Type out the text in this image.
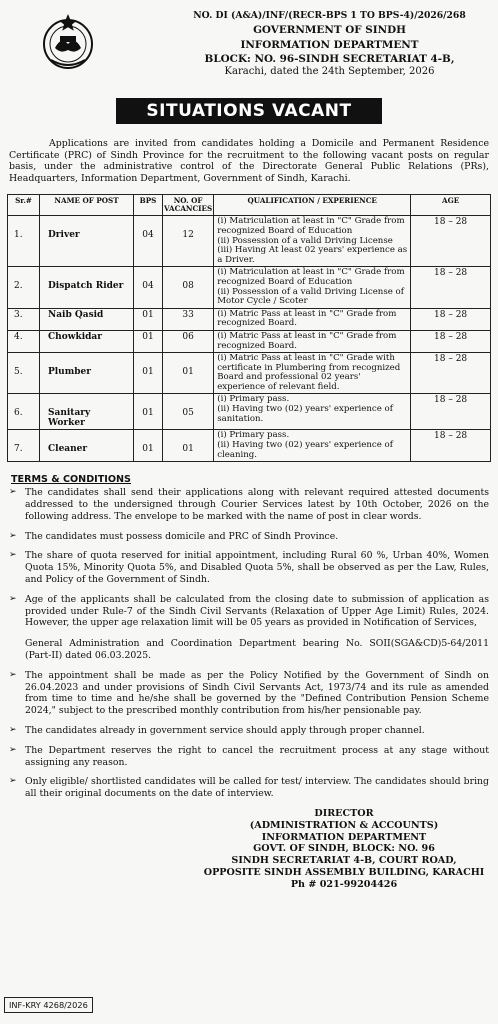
NO. DI (A&A)/INF/(RECR-BPS 1 TO BPS-4)/2026/268
GOVERNMENT OF SINDH
INFORMATION DEPARTMENT
BLOCK: NO. 96-SINDH SECRETARIAT 4-B,
Karachi, dated the 24th September, 2026
SITUATIONS VACANT

Applications are invited from candidates holding a Domicile and Permanent Residence Certificate (PRC) of Sindh Province for the recruitment to the following vacant posts on regular basis, under the administrative control of the Directorate General Public Relations (PRs), Headquarters, Information Department, Government of Sindh, Karachi.

Sr.#	NAME OF POST	BPS	NO. OF VACANCIES	QUALIFICATION / EXPERIENCE	AGE
1.	Driver	04	12	(i) Matriculation at least in "C" Grade from recognized Board of Education
(ii) Possession of a valid Driving License
(iii) Having At least 02 years' experience as a Driver.	18 – 28
2.	Dispatch Rider	04	08	(i) Matriculation at least in "C" Grade from recognized Board of Education
(ii) Possession of a valid Driving License of Motor Cycle / Scoter	18 – 28
3.	Naib Qasid	01	33	(i) Matric Pass at least in "C" Grade from recognized Board.	18 – 28
4.	Chowkidar	01	06	(i) Matric Pass at least in "C" Grade from recognized Board.	18 – 28
5.	Plumber	01	01	(i) Matric Pass at least in "C" Grade with certificate in Plumbering from recognized Board and professional 02 years' experience of relevant field.	18 – 28
6.	Sanitary Worker	01	05	(i) Primary pass.
(ii) Having two (02) years' experience of sanitation.	18 – 28
7.	Cleaner	01	01	(i) Primary pass.
(ii) Having two (02) years' experience of cleaning.	18 – 28
TERMS & CONDITIONS
➢ The candidates shall send their applications along with relevant required attested documents addressed to the undersigned through Courier Services latest by 10th October, 2026 on the following address. The envelope to be marked with the name of post in clear words.
➢ The candidates must possess domicile and PRC of Sindh Province.
➢ The share of quota reserved for initial appointment, including Rural 60 %, Urban 40%, Women Quota 15%, Minority Quota 5%, and Disabled Quota 5%, shall be observed as per the Law, Rules, and Policy of the Government of Sindh.
➢ Age of the applicants shall be calculated from the closing date to submission of application as provided under Rule-7 of the Sindh Civil Servants (Relaxation of Upper Age Limit) Rules, 2024. However, the upper age relaxation limit will be 05 years as provided in Notification of Services,
General Administration and Coordination Department bearing No. SOII(SGA&CD)5-64/2011 (Part-II) dated 06.03.2025.
➢ The appointment shall be made as per the Policy Notified by the Government of Sindh on 26.04.2023 and under provisions of Sindh Civil Servants Act, 1973/74 and its rule as amended from time to time and he/she shall be governed by the "Defined Contribution Pension Scheme 2024," subject to the prescribed monthly contribution from his/her pensionable pay.
➢ The candidates already in government service should apply through proper channel.
➢ The Department reserves the right to cancel the recruitment process at any stage without assigning any reason.
➢ Only eligible/ shortlisted candidates will be called for test/ interview. The candidates should bring all their original documents on the date of interview.
DIRECTOR
(ADMINISTRATION & ACCOUNTS)
INFORMATION DEPARTMENT
GOVT. OF SINDH, BLOCK: NO. 96
SINDH SECRETARIAT 4-B, COURT ROAD,
OPPOSITE SINDH ASSEMBLY BUILDING, KARACHI
Ph # 021-99204426
INF-KRY 4268/2026
